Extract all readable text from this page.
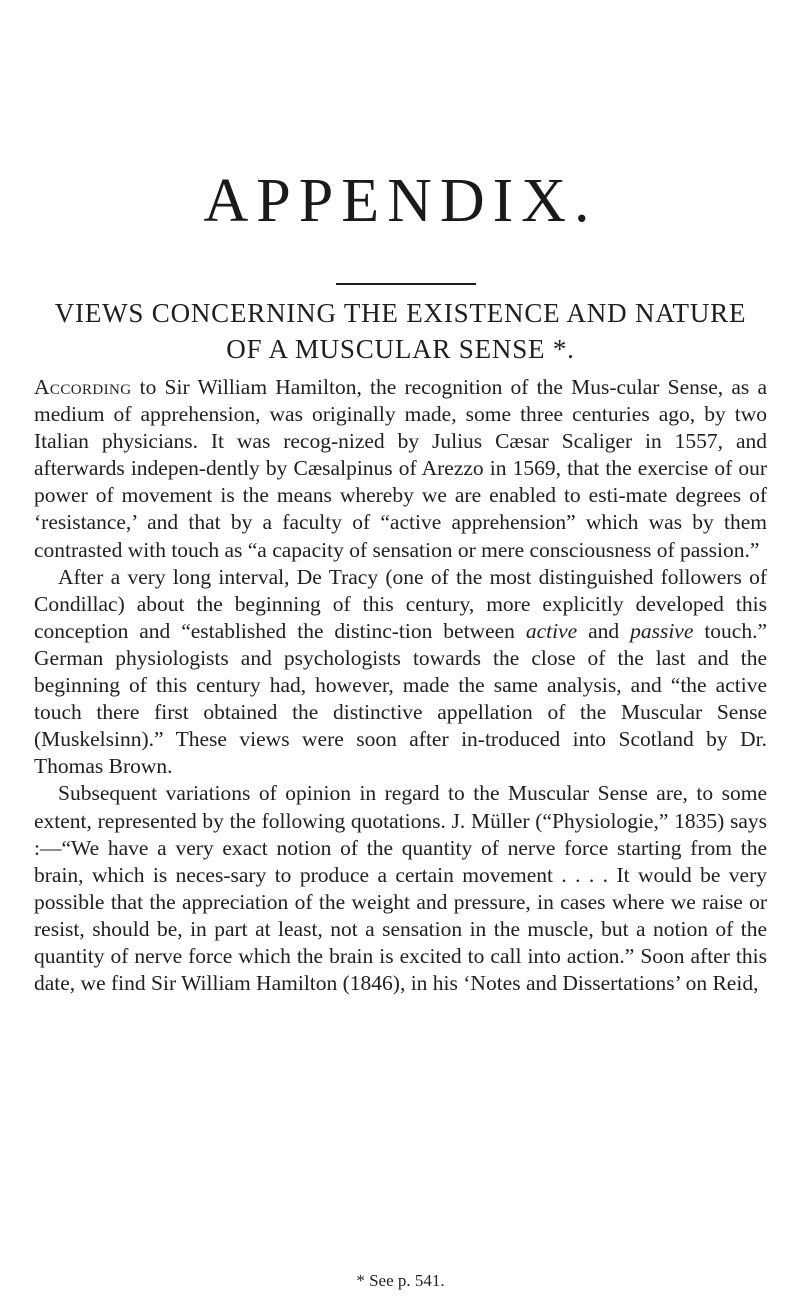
APPENDIX.
VIEWS CONCERNING THE EXISTENCE AND NATURE
OF A MUSCULAR SENSE *.

According to Sir William Hamilton, the recognition of the Mus-cular Sense, as a medium of apprehension, was originally made, some three centuries ago, by two Italian physicians. It was recog-nized by Julius Cæsar Scaliger in 1557, and afterwards indepen-dently by Cæsalpinus of Arezzo in 1569, that the exercise of our power of movement is the means whereby we are enabled to esti-mate degrees of ‘resistance,’ and that by a faculty of “active apprehension” which was by them contrasted with touch as “a capacity of sensation or mere consciousness of passion.”

After a very long interval, De Tracy (one of the most distinguished followers of Condillac) about the beginning of this century, more explicitly developed this conception and “established the distinc-tion between active and passive touch.” German physiologists and psychologists towards the close of the last and the beginning of this century had, however, made the same analysis, and “the active touch there first obtained the distinctive appellation of the Muscular Sense (Muskelsinn).” These views were soon after in-troduced into Scotland by Dr. Thomas Brown.

Subsequent variations of opinion in regard to the Muscular Sense are, to some extent, represented by the following quotations. J. Müller (“Physiologie,” 1835) says :—“We have a very exact notion of the quantity of nerve force starting from the brain, which is neces-sary to produce a certain movement . . . . It would be very possible that the appreciation of the weight and pressure, in cases where we raise or resist, should be, in part at least, not a sensation in the muscle, but a notion of the quantity of nerve force which the brain is excited to call into action.” Soon after this date, we find Sir William Hamilton (1846), in his ‘Notes and Dissertations’ on Reid,

* See p. 541.
